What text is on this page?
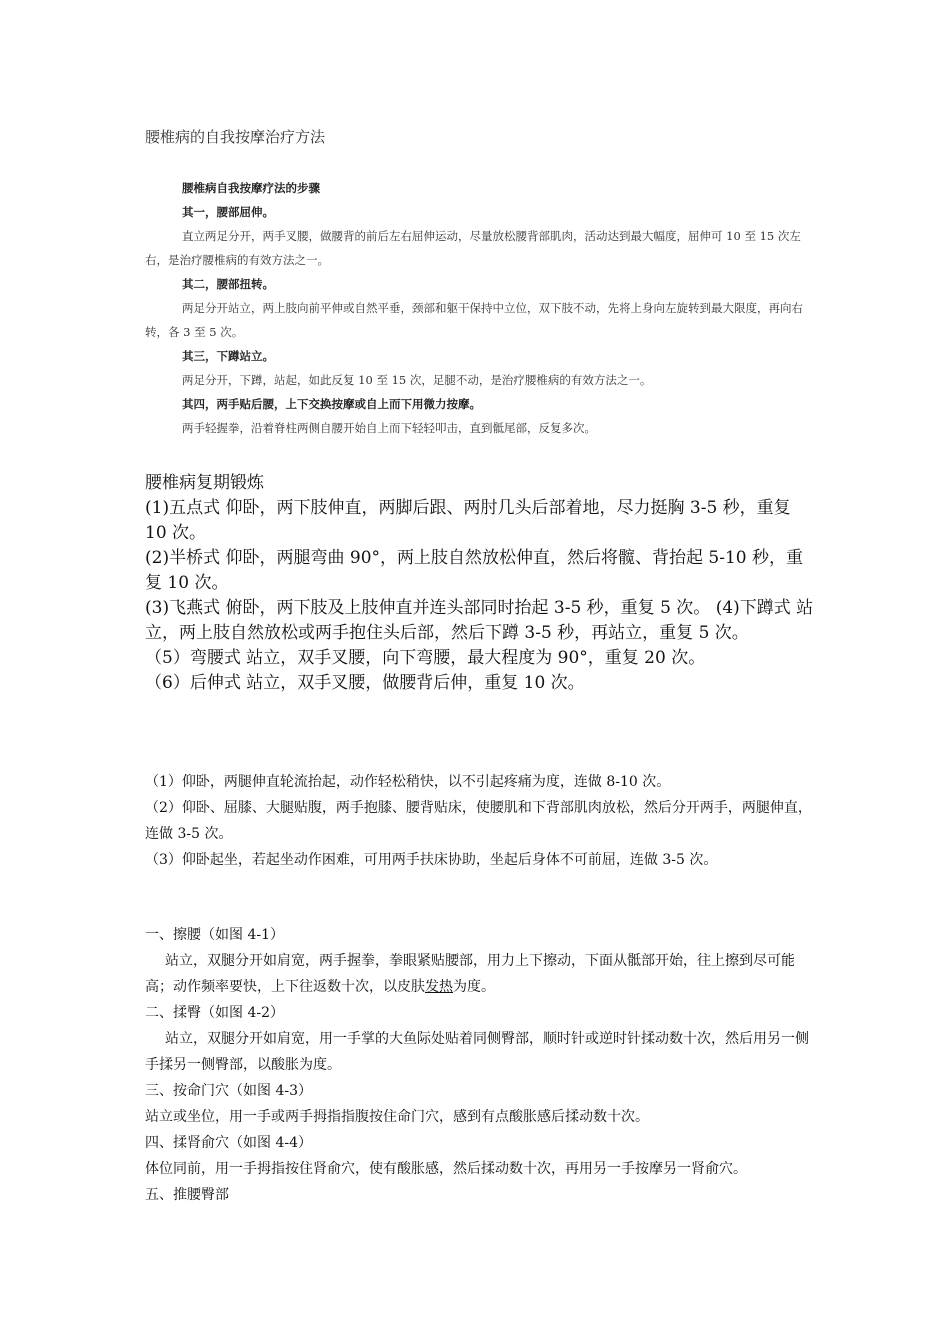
腰椎病的自我按摩治疗方法

腰椎病自我按摩疗法的步骤

其一，腰部屈伸。

直立两足分开，两手叉腰，做腰背的前后左右屈伸运动，尽量放松腰背部肌肉，活动达到最大幅度，屈伸可 10 至 15 次左右，是治疗腰椎病的有效方法之一。

其二，腰部扭转。

两足分开站立，两上肢向前平伸或自然平垂，颈部和躯干保持中立位，双下肢不动，先将上身向左旋转到最大限度，再向右转，各 3 至 5 次。

其三，下蹲站立。

两足分开，下蹲，站起，如此反复 10 至 15 次，足腿不动，是治疗腰椎病的有效方法之一。

其四，两手贴后腰，上下交换按摩或自上而下用微力按摩。

两手轻握拳，沿着脊柱两侧自腰开始自上而下轻轻叩击，直到骶尾部，反复多次。

腰椎病复期锻炼

(1)五点式 仰卧，两下肢伸直，两脚后跟、两肘几头后部着地，尽力挺胸 3-5 秒，重复 10 次。

(2)半桥式 仰卧，两腿弯曲 90°，两上肢自然放松伸直，然后将髋、背抬起 5-10 秒，重复 10 次。

(3)飞燕式 俯卧，两下肢及上肢伸直并连头部同时抬起 3-5 秒，重复 5 次。 (4)下蹲式 站立，两上肢自然放松或两手抱住头后部，然后下蹲 3-5 秒，再站立，重复 5 次。

（5）弯腰式 站立，双手叉腰，向下弯腰，最大程度为 90°，重复 20 次。

（6）后伸式 站立，双手叉腰，做腰背后伸，重复 10 次。

（1）仰卧，两腿伸直轮流抬起，动作轻松稍快，以不引起疼痛为度，连做 8-10 次。

（2）仰卧、屈膝、大腿贴腹，两手抱膝、腰背贴床，使腰肌和下背部肌肉放松，然后分开两手，两腿伸直，连做 3-5 次。

（3）仰卧起坐，若起坐动作困难，可用两手扶床协助，坐起后身体不可前屈，连做 3-5 次。

一、擦腰（如图 4-1）

站立，双腿分开如肩宽，两手握拳，拳眼紧贴腰部，用力上下擦动，下面从骶部开始，往上擦到尽可能高；动作频率要快，上下往返数十次，以皮肤发热为度。

二、揉臀（如图 4-2）

站立，双腿分开如肩宽，用一手掌的大鱼际处贴着同侧臀部，顺时针或逆时针揉动数十次，然后用另一侧手揉另一侧臀部，以酸胀为度。

三、按命门穴（如图 4-3）

站立或坐位，用一手或两手拇指指腹按住命门穴，感到有点酸胀感后揉动数十次。

四、揉肾俞穴（如图 4-4）

体位同前，用一手拇指按住肾俞穴，使有酸胀感，然后揉动数十次，再用另一手按摩另一肾俞穴。

五、推腰臀部
